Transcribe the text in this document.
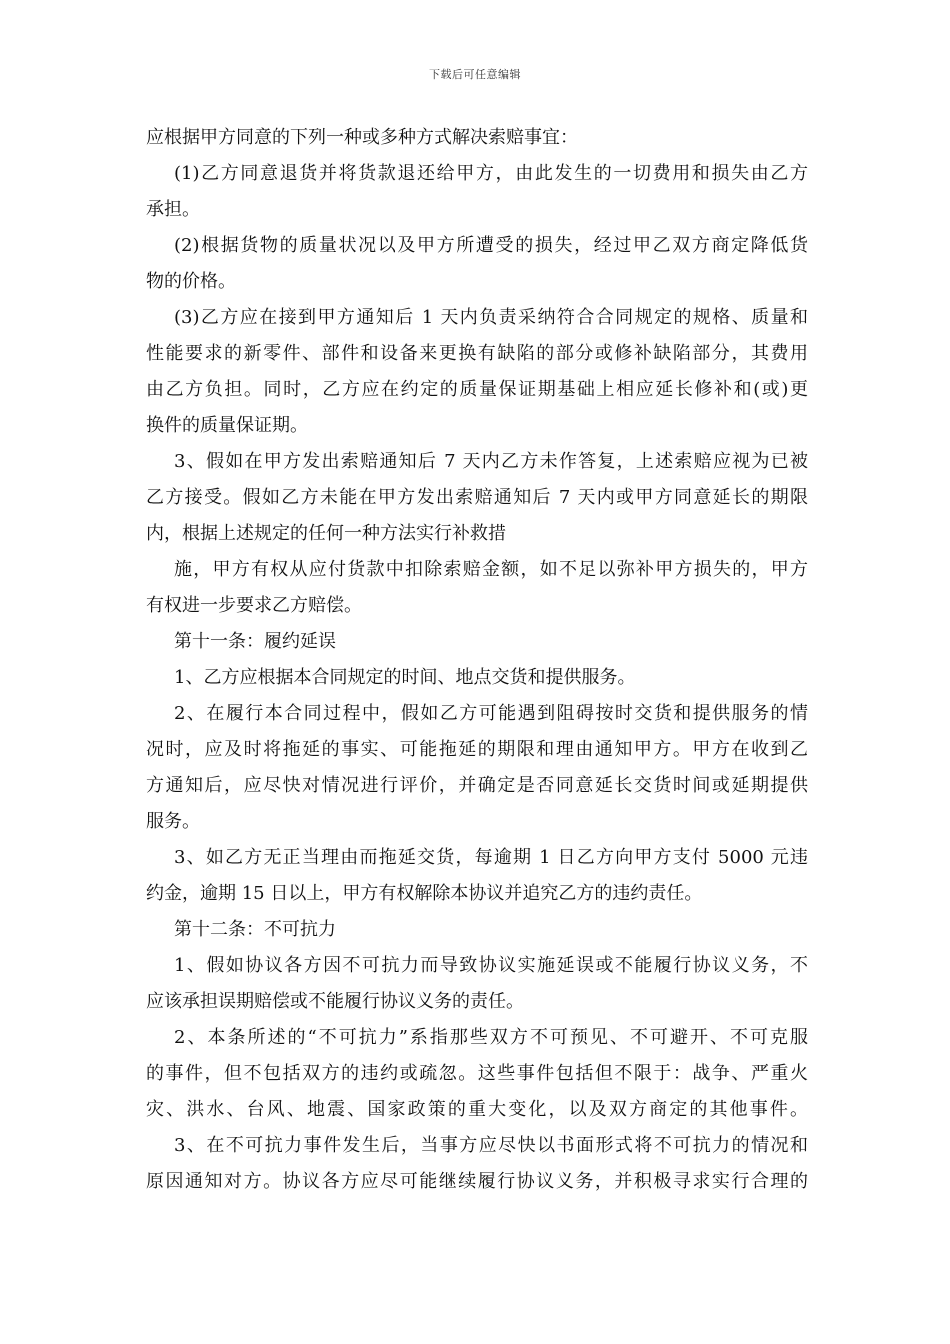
下载后可任意编辑
应根据甲方同意的下列一种或多种方式解决索赔事宜：
(1)乙方同意退货并将货款退还给甲方，由此发生的一切费用和损失由乙方
承担。
(2)根据货物的质量状况以及甲方所遭受的损失，经过甲乙双方商定降低货
物的价格。
(3)乙方应在接到甲方通知后 1 天内负责采纳符合合同规定的规格、质量和
性能要求的新零件、部件和设备来更换有缺陷的部分或修补缺陷部分，其费用
由乙方负担。同时，乙方应在约定的质量保证期基础上相应延长修补和(或)更
换件的质量保证期。
3、假如在甲方发出索赔通知后 7 天内乙方未作答复，上述索赔应视为已被
乙方接受。假如乙方未能在甲方发出索赔通知后 7 天内或甲方同意延长的期限
内，根据上述规定的任何一种方法实行补救措
施，甲方有权从应付货款中扣除索赔金额，如不足以弥补甲方损失的，甲方
有权进一步要求乙方赔偿。
第十一条：履约延误
1、乙方应根据本合同规定的时间、地点交货和提供服务。
2、在履行本合同过程中，假如乙方可能遇到阻碍按时交货和提供服务的情
况时，应及时将拖延的事实、可能拖延的期限和理由通知甲方。甲方在收到乙
方通知后，应尽快对情况进行评价，并确定是否同意延长交货时间或延期提供
服务。
3、如乙方无正当理由而拖延交货，每逾期 1 日乙方向甲方支付 5000 元违
约金，逾期 15 日以上，甲方有权解除本协议并追究乙方的违约责任。
第十二条：不可抗力
1、假如协议各方因不可抗力而导致协议实施延误或不能履行协议义务，不
应该承担误期赔偿或不能履行协议义务的责任。
2、本条所述的“不可抗力”系指那些双方不可预见、不可避开、不可克服
的事件，但不包括双方的违约或疏忽。这些事件包括但不限于：战争、严重火
灾、洪水、台风、地震、国家政策的重大变化，以及双方商定的其他事件。
3、在不可抗力事件发生后，当事方应尽快以书面形式将不可抗力的情况和
原因通知对方。协议各方应尽可能继续履行协议义务，并积极寻求实行合理的
